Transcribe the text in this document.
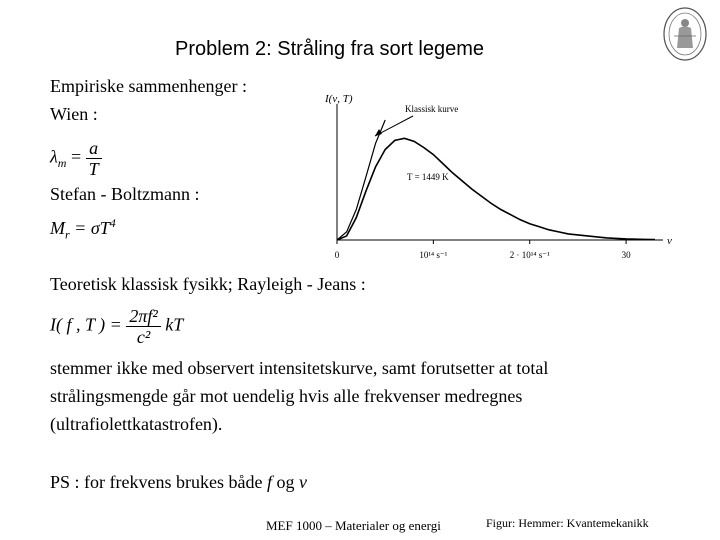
Problem 2: Stråling fra sort legeme
Empiriske sammenhenger :
Wien :
$\lambda_m = \frac{a}{T}$
Stefan - Boltzmann :
$M_r = \sigma T^4$
0	10¹⁴ s⁻¹	2 · 10¹⁴ s⁻¹	30
I(ν, T)
ν
Klassisk kurve
T = 1449 K
Teoretisk klassisk fysikk; Rayleigh - Jeans :
I( f , T ) = $\frac{\text{2πf²}}{\text{c²}}$ kT
stemmer ikke med observert intensitetskurve, samt forutsetter at total
strålingsmengde går mot uendelig hvis alle frekvenser medregnes
(ultrafiolettkatastrofen).
PS : for frekvens brukes både f og ν
MEF 1000 – Materialer og energi	Figur: Hemmer: Kvantemekanikk
